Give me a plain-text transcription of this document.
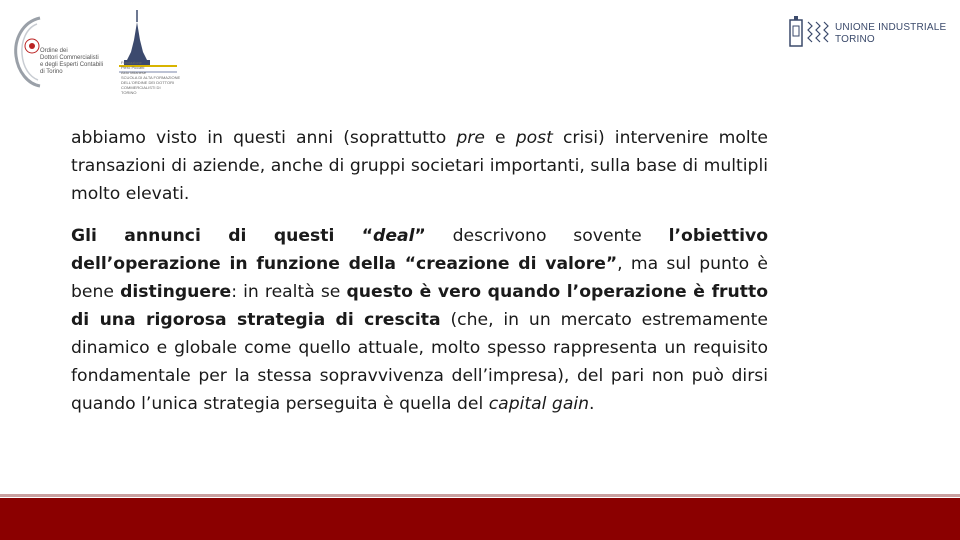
Ordine dei
Dottori Commercialisti
e degli Esperti Contabili
di Torino
Fondazione
Piero Piccatti
Aldo Milanese
SCUOLA DI ALTA FORMAZIONE
DELL'ORDINE DEI DOTTORI
COMMERCIALISTI DI
TORINO
UNIONE INDUSTRIALE
TORINO

abbiamo visto in questi anni (soprattutto pre e post crisi) intervenire molte transazioni di aziende, anche di gruppi societari importanti, sulla base di multipli molto elevati.

Gli annunci di questi “deal” descrivono sovente l’obiettivo dell’operazione in funzione della “creazione di valore”, ma sul punto è bene distinguere: in realtà se questo è vero quando l’operazione è frutto di una rigorosa strategia di crescita (che, in un mercato estremamente dinamico e globale come quello attuale, molto spesso rappresenta un requisito fondamentale per la stessa sopravvivenza dell’impresa), del pari non può dirsi quando l’unica strategia perseguita è quella del capital gain.
